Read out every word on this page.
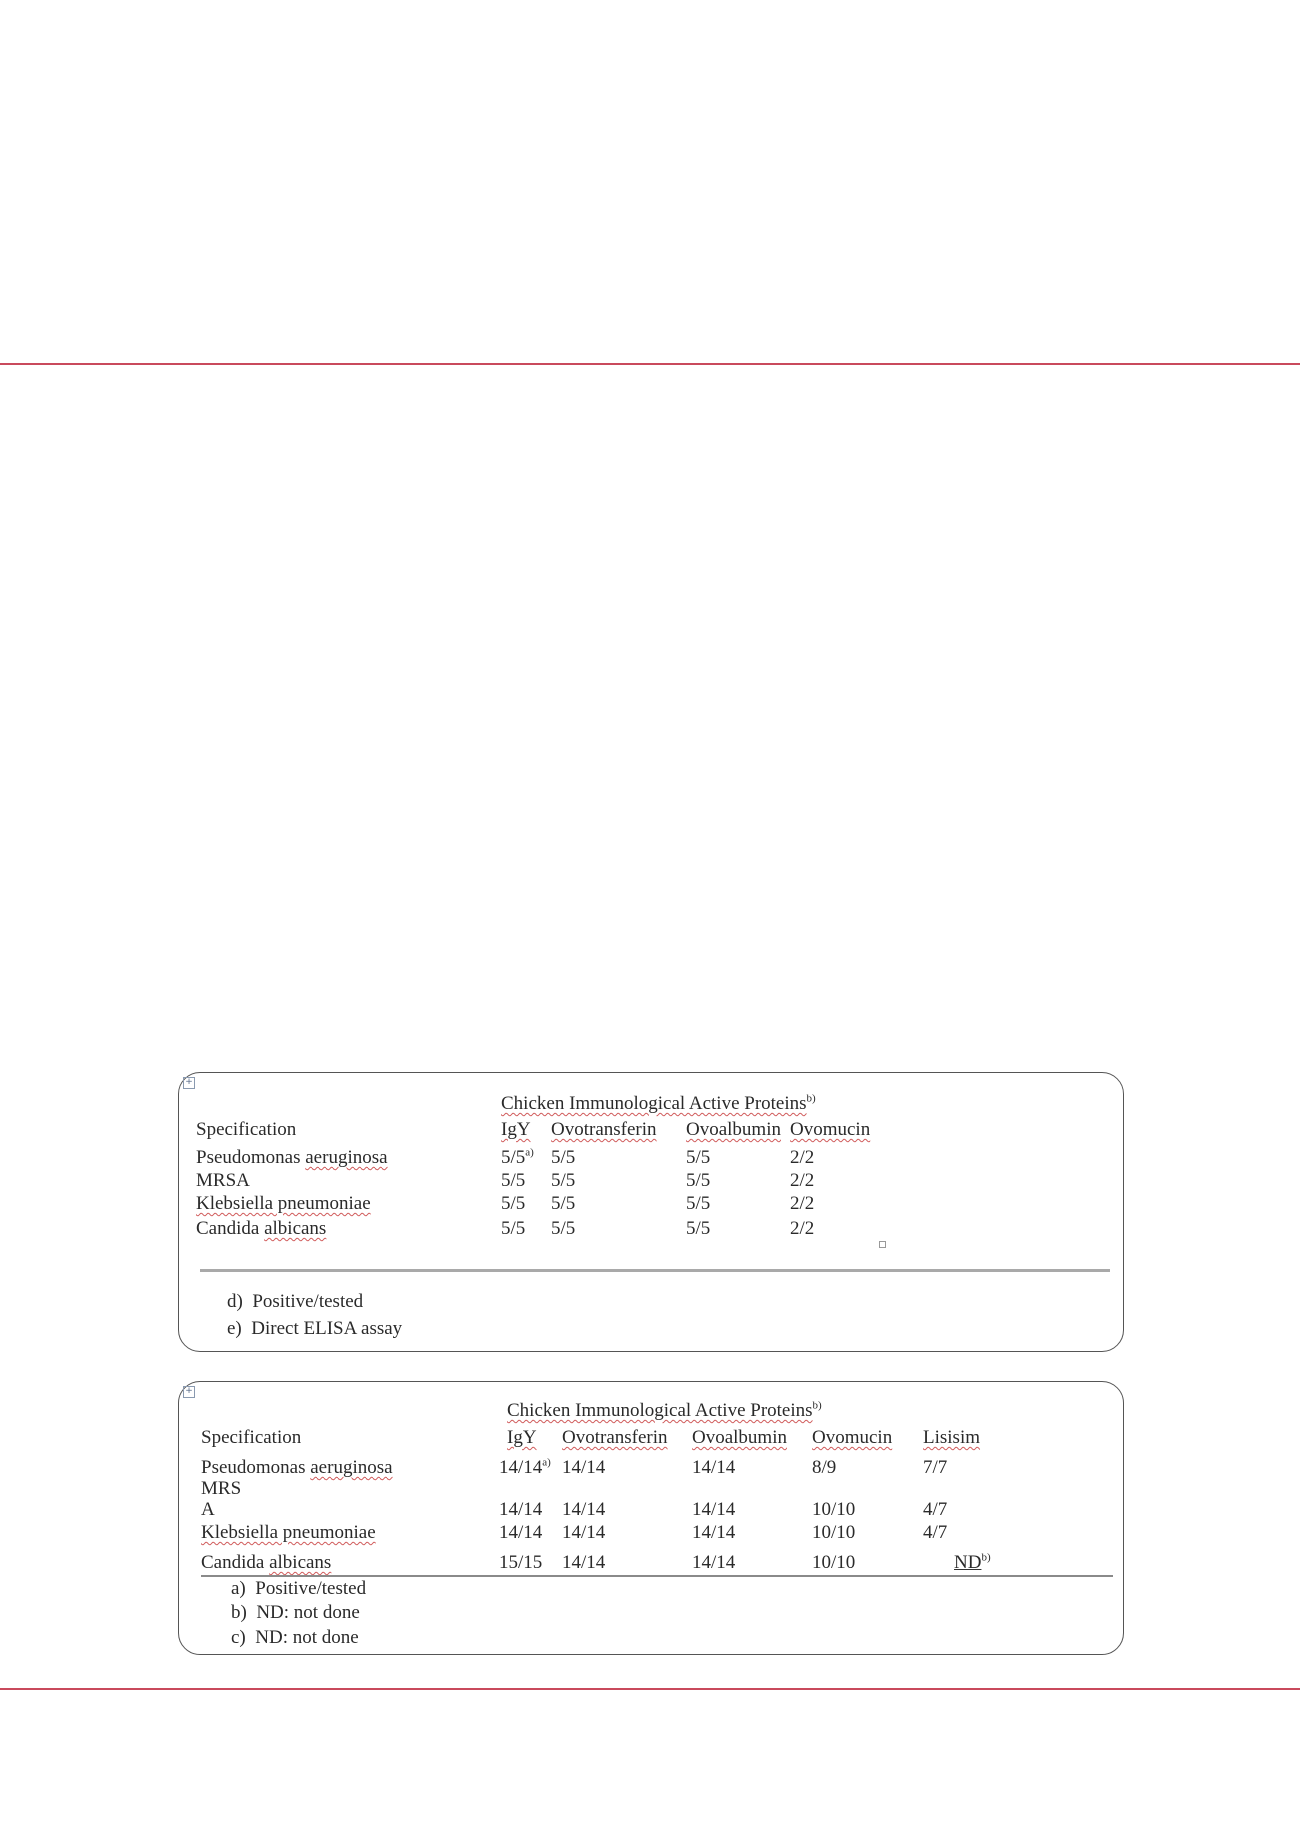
+
Chicken Immunological Active Proteins$^{b)}$
Specification	IgY Ovotransferin Ovoalbumin Ovomucin
Pseudomonas aeruginosa	5/5$^{a)}$ 5/5	5/5	2/2
MRSA	5/5 5/5	5/5	2/2
Klebsiella pneumoniae	5/5 5/5	5/5	2/2
Candida albicans	5/5 5/5	5/5	2/2
d) Positive/tested
e) Direct ELISA assay
+
Chicken Immunological Active Proteins$^{b)}$
Specification	IgY Ovotransferin Ovoalbumin Ovomucin Lisisim
Pseudomonas aeruginosa	14/14$^{a)}$ 14/14	14/14	8/9	7/7
MRS
A	14/14 14/14	14/14	10/10	4/7
Klebsiella pneumoniae	14/14 14/14	14/14	10/10	4/7
Candida albicans	15/15 14/14	14/14	10/10	ND$^{b)}$
a) Positive/tested
b) ND: not done
c) ND: not done
